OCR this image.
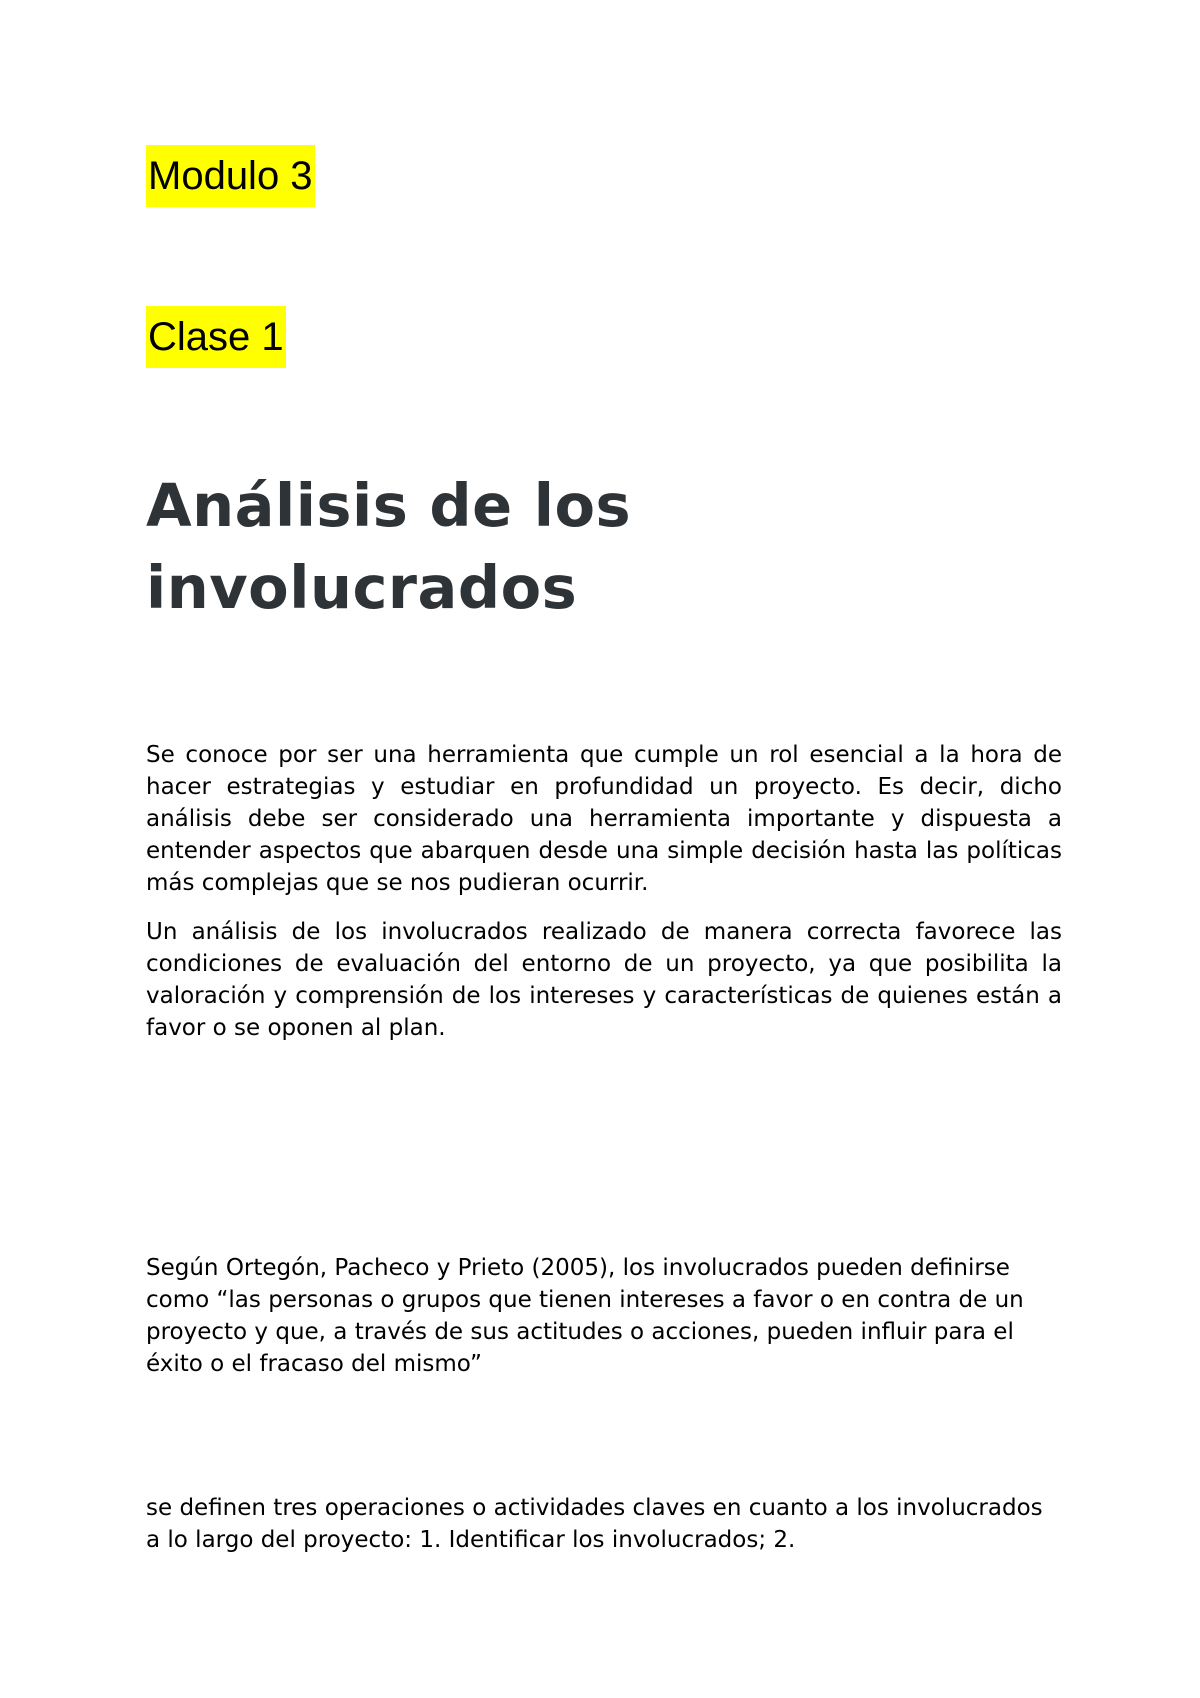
Modulo 3
Clase 1
Análisis de los
involucrados

Se conoce por ser una herramienta que cumple un rol esencial a la hora de hacer estrategias y estudiar en profundidad un proyecto. Es decir, dicho análisis debe ser considerado una herramienta importante y dispuesta a entender aspectos que abarquen desde una simple decisión hasta las políticas más complejas que se nos pudieran ocurrir.

Un análisis de los involucrados realizado de manera correcta favorece las condiciones de evaluación del entorno de un proyecto, ya que posibilita la valoración y comprensión de los intereses y características de quienes están a favor o se oponen al plan.

Según Ortegón, Pacheco y Prieto (2005), los involucrados pueden definirse como “las personas o grupos que tienen intereses a favor o en contra de un proyecto y que, a través de sus actitudes o acciones, pueden influir para el éxito o el fracaso del mismo”

se definen tres operaciones o actividades claves en cuanto a los involucrados a lo largo del proyecto: 1. Identificar los involucrados; 2.
